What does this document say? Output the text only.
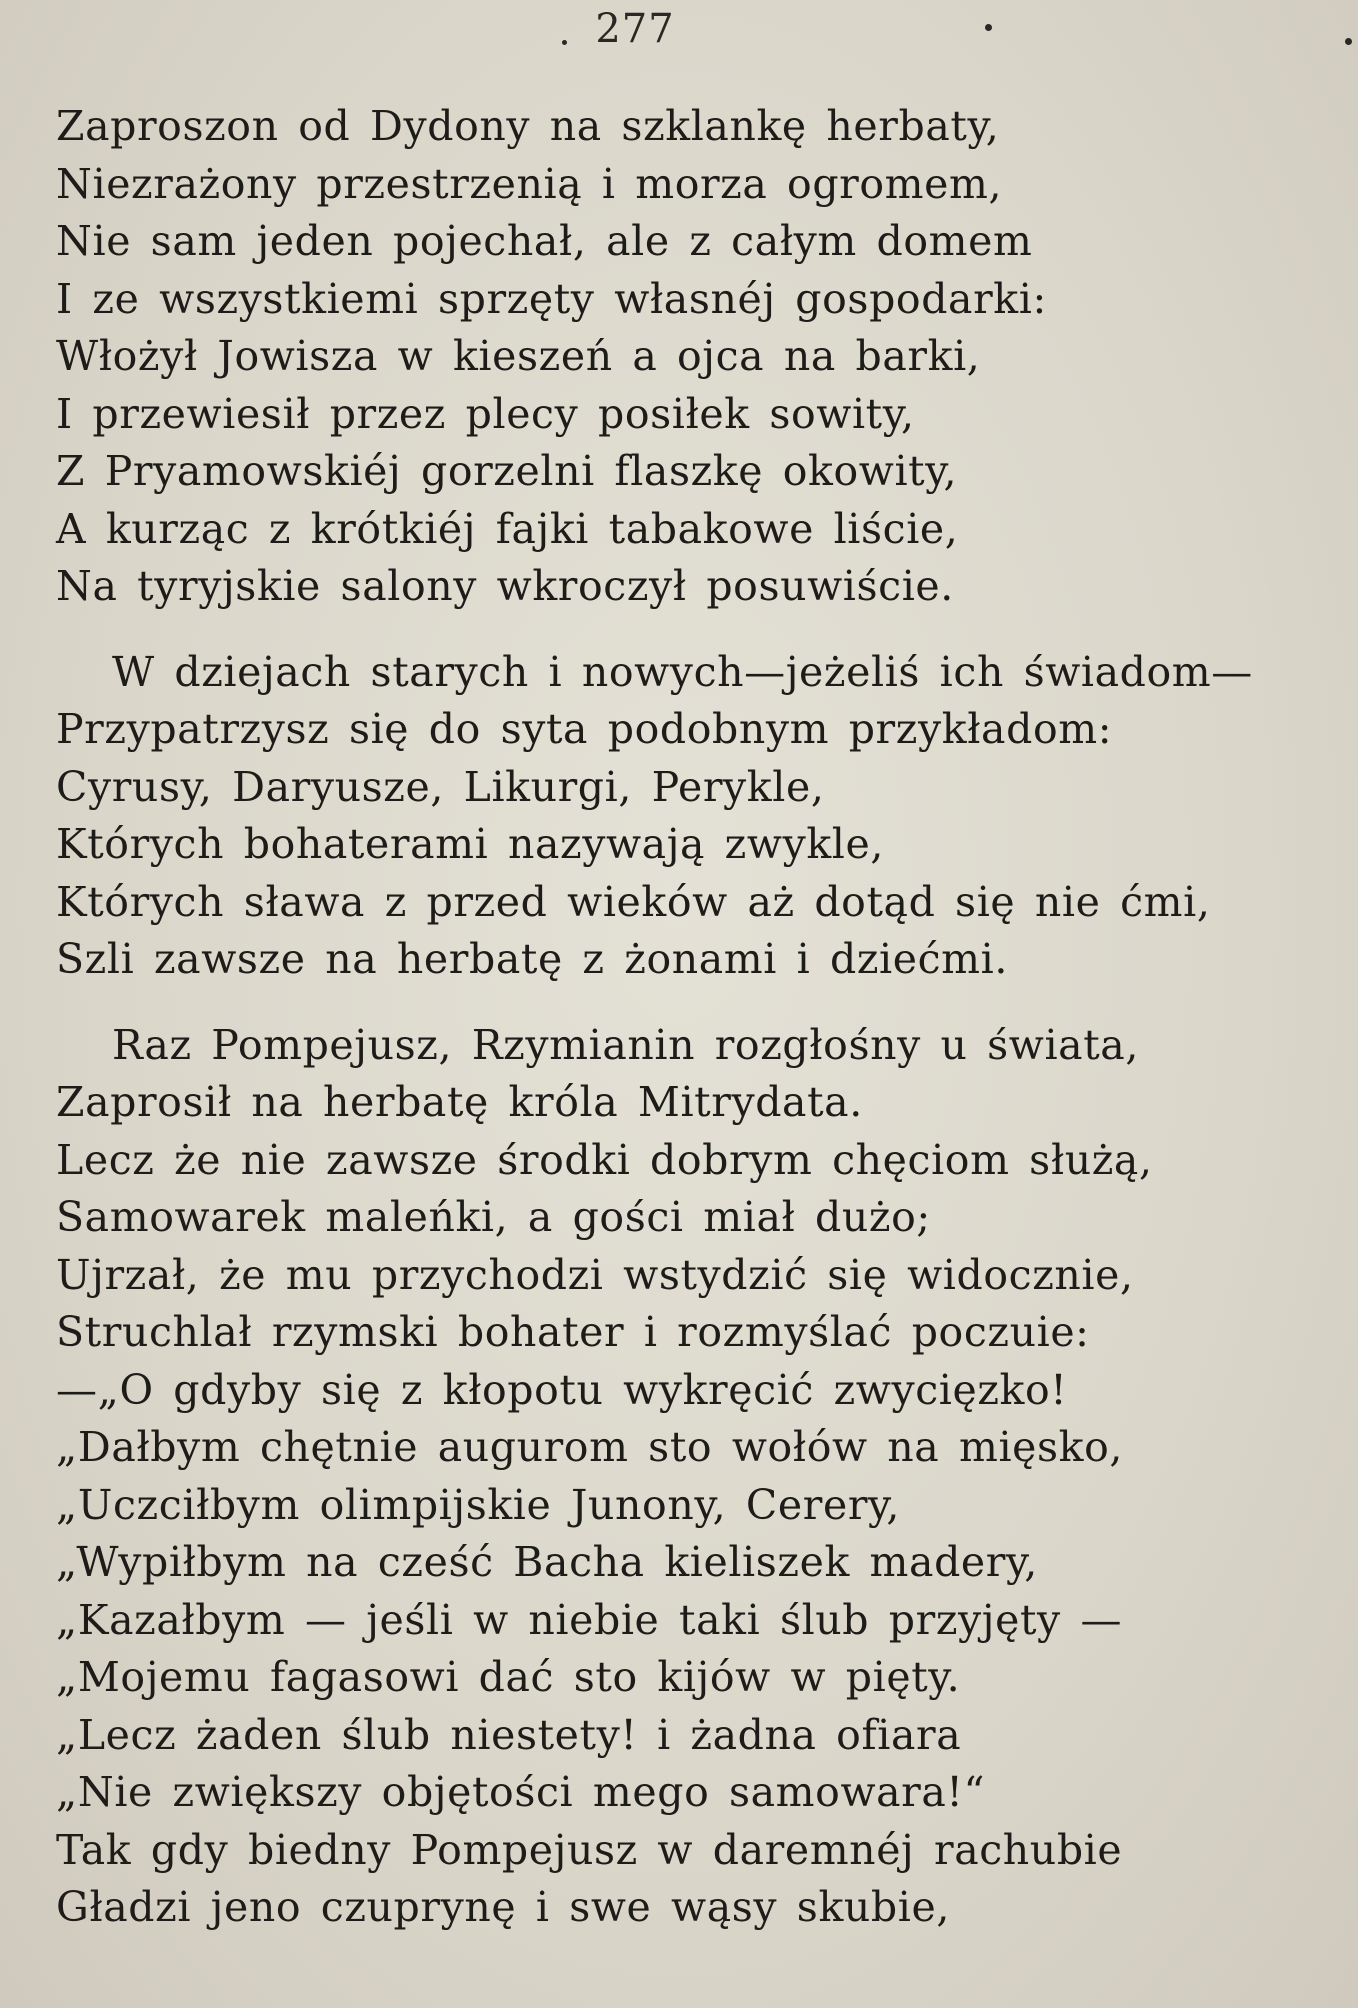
277
Zaproszon od Dydony na szklankę herbaty,
Niezrażony przestrzenią i morza ogromem,
Nie sam jeden pojechał, ale z całym domem
I ze wszystkiemi sprzęty własnéj gospodarki:
Włożył Jowisza w kieszeń a ojca na barki,
I przewiesił przez plecy posiłek sowity,
Z Pryamowskiéj gorzelni flaszkę okowity,
A kurząc z krótkiéj fajki tabakowe liście,
Na tyryjskie salony wkroczył posuwiście.
W dziejach starych i nowych—jeżeliś ich świadom—
Przypatrzysz się do syta podobnym przykładom:
Cyrusy, Daryusze, Likurgi, Perykle,
Których bohaterami nazywają zwykle,
Których sława z przed wieków aż dotąd się nie ćmi,
Szli zawsze na herbatę z żonami i dziećmi.
Raz Pompejusz, Rzymianin rozgłośny u świata,
Zaprosił na herbatę króla Mitrydata.
Lecz że nie zawsze środki dobrym chęciom służą,
Samowarek maleńki, a gości miał dużo;
Ujrzał, że mu przychodzi wstydzić się widocznie,
Struchlał rzymski bohater i rozmyślać poczuie:
—„O gdyby się z kłopotu wykręcić zwycięzko!
„Dałbym chętnie augurom sto wołów na mięsko,
„Uczciłbym olimpijskie Junony, Cerery,
„Wypiłbym na cześć Bacha kieliszek madery,
„Kazałbym — jeśli w niebie taki ślub przyjęty —
„Mojemu fagasowi dać sto kijów w pięty.
„Lecz żaden ślub niestety! i żadna ofiara
„Nie zwiększy objętości mego samowara!“
Tak gdy biedny Pompejusz w daremnéj rachubie
Gładzi jeno czuprynę i swe wąsy skubie,
